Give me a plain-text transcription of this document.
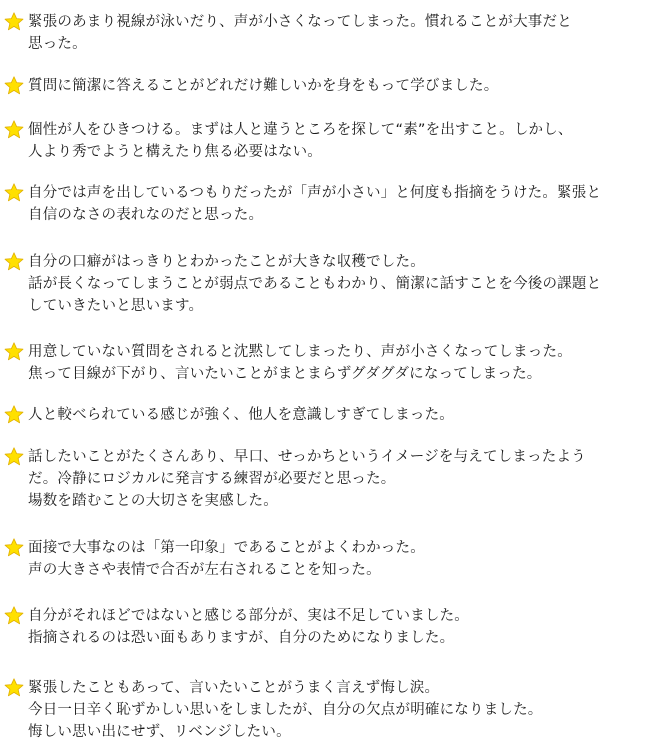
緊張のあまり視線が泳いだり、声が小さくなってしまった。慣れることが大事だと
思った。
質問に簡潔に答えることがどれだけ難しいかを身をもって学びました。
個性が人をひきつける。まずは人と違うところを探して“素”を出すこと。しかし、
人より秀でようと構えたり焦る必要はない。
自分では声を出しているつもりだったが「声が小さい」と何度も指摘をうけた。緊張と
自信のなさの表れなのだと思った。
自分の口癖がはっきりとわかったことが大きな収穫でした。
話が長くなってしまうことが弱点であることもわかり、簡潔に話すことを今後の課題と
していきたいと思います。
用意していない質問をされると沈黙してしまったり、声が小さくなってしまった。
焦って目線が下がり、言いたいことがまとまらずグダグダになってしまった。
人と較べられている感じが強く、他人を意識しすぎてしまった。
話したいことがたくさんあり、早口、せっかちというイメージを与えてしまったよう
だ。冷静にロジカルに発言する練習が必要だと思った。
場数を踏むことの大切さを実感した。
面接で大事なのは「第一印象」であることがよくわかった。
声の大きさや表情で合否が左右されることを知った。
自分がそれほどではないと感じる部分が、実は不足していました。
指摘されるのは恐い面もありますが、自分のためになりました。
緊張したこともあって、言いたいことがうまく言えず悔し涙。
今日一日辛く恥ずかしい思いをしましたが、自分の欠点が明確になりました。
悔しい思い出にせず、リベンジしたい。
